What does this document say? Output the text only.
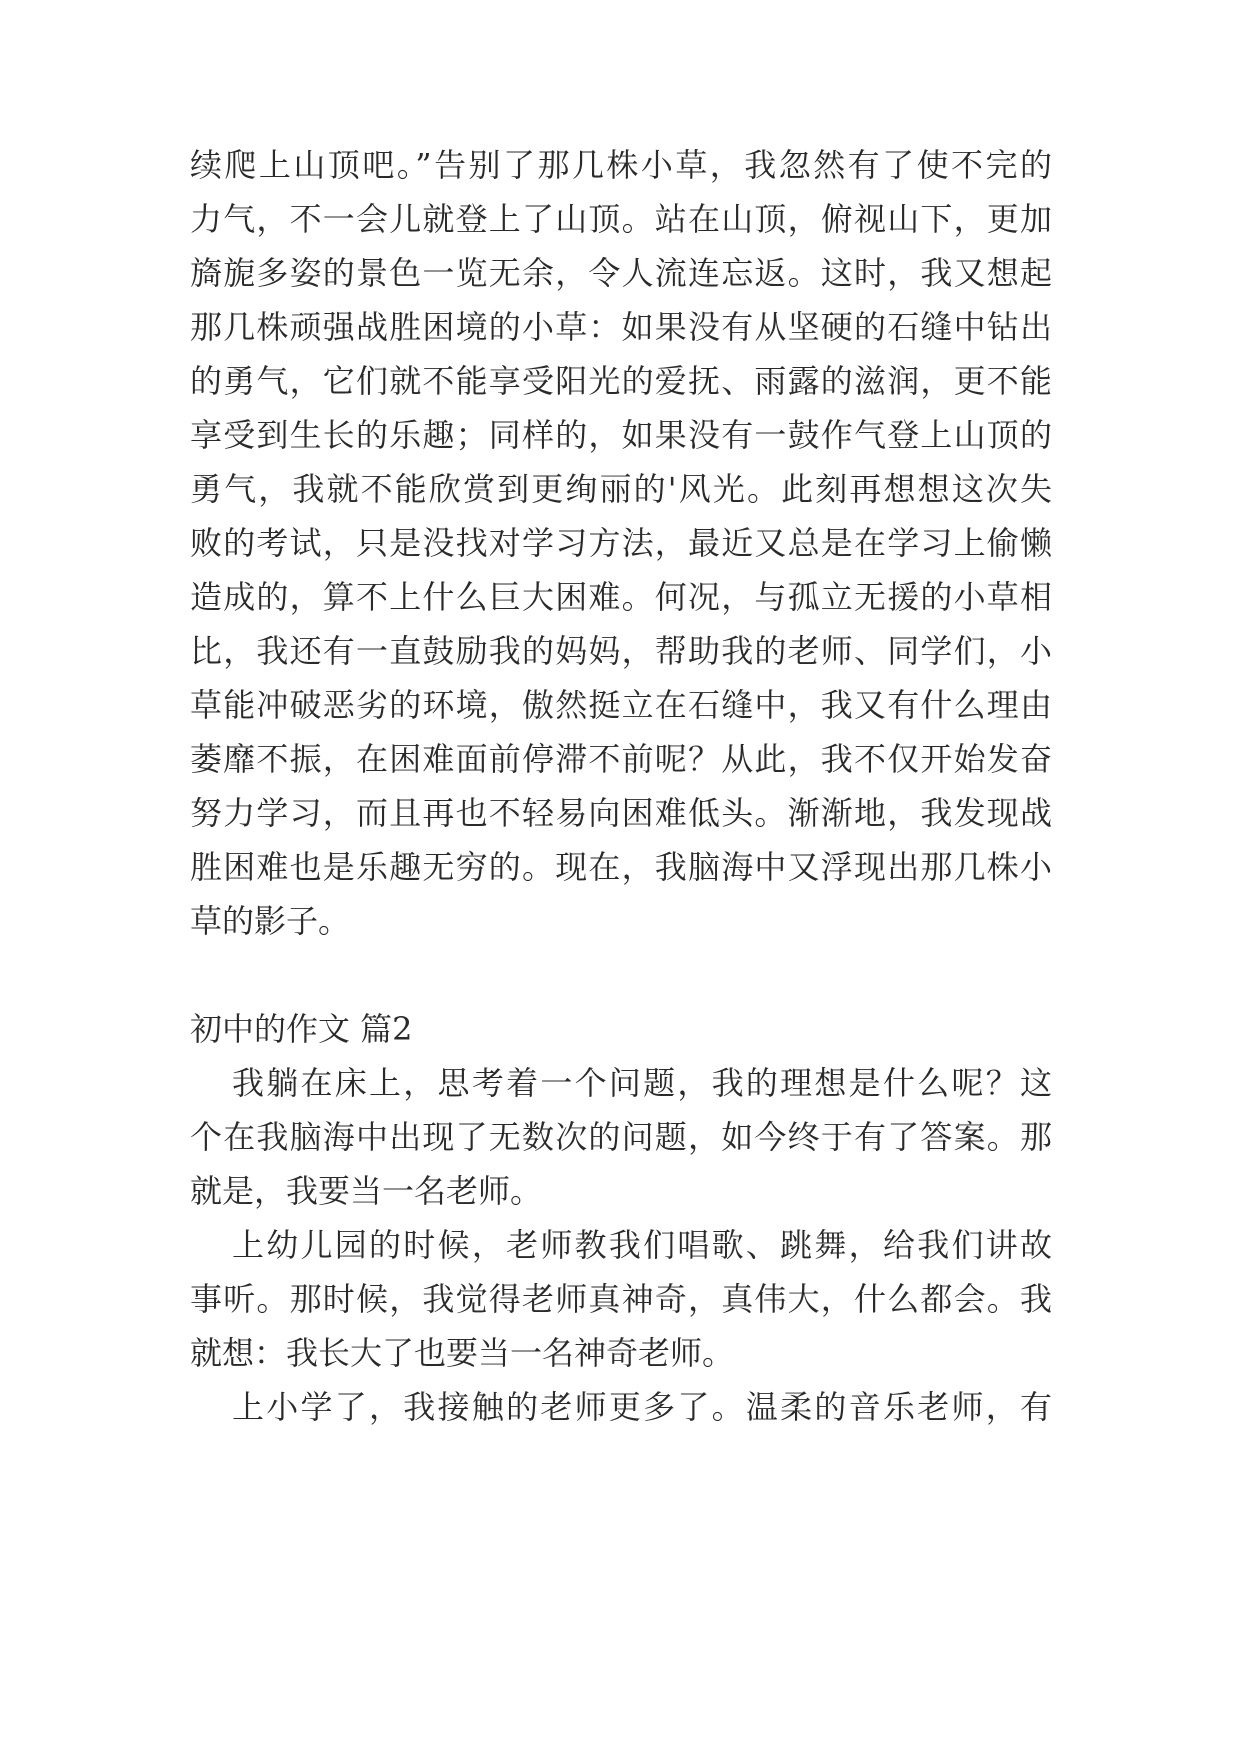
续爬上山顶吧。”告别了那几株小草，我忽然有了使不完的
力气，不一会儿就登上了山顶。站在山顶，俯视山下，更加
旖旎多姿的景色一览无余，令人流连忘返。这时，我又想起
那几株顽强战胜困境的小草：如果没有从坚硬的石缝中钻出
的勇气，它们就不能享受阳光的爱抚、雨露的滋润，更不能
享受到生长的乐趣；同样的，如果没有一鼓作气登上山顶的
勇气，我就不能欣赏到更绚丽的'风光。此刻再想想这次失
败的考试，只是没找对学习方法，最近又总是在学习上偷懒
造成的，算不上什么巨大困难。何况，与孤立无援的小草相
比，我还有一直鼓励我的妈妈，帮助我的老师、同学们，小
草能冲破恶劣的环境，傲然挺立在石缝中，我又有什么理由
萎靡不振，在困难面前停滞不前呢？从此，我不仅开始发奋
努力学习，而且再也不轻易向困难低头。渐渐地，我发现战
胜困难也是乐趣无穷的。现在，我脑海中又浮现出那几株小
草的影子。
初中的作文 篇2
我躺在床上，思考着一个问题，我的理想是什么呢？这
个在我脑海中出现了无数次的问题，如今终于有了答案。那
就是，我要当一名老师。
上幼儿园的时候，老师教我们唱歌、跳舞，给我们讲故
事听。那时候，我觉得老师真神奇，真伟大，什么都会。我
就想：我长大了也要当一名神奇老师。
上小学了，我接触的老师更多了。温柔的音乐老师，有
